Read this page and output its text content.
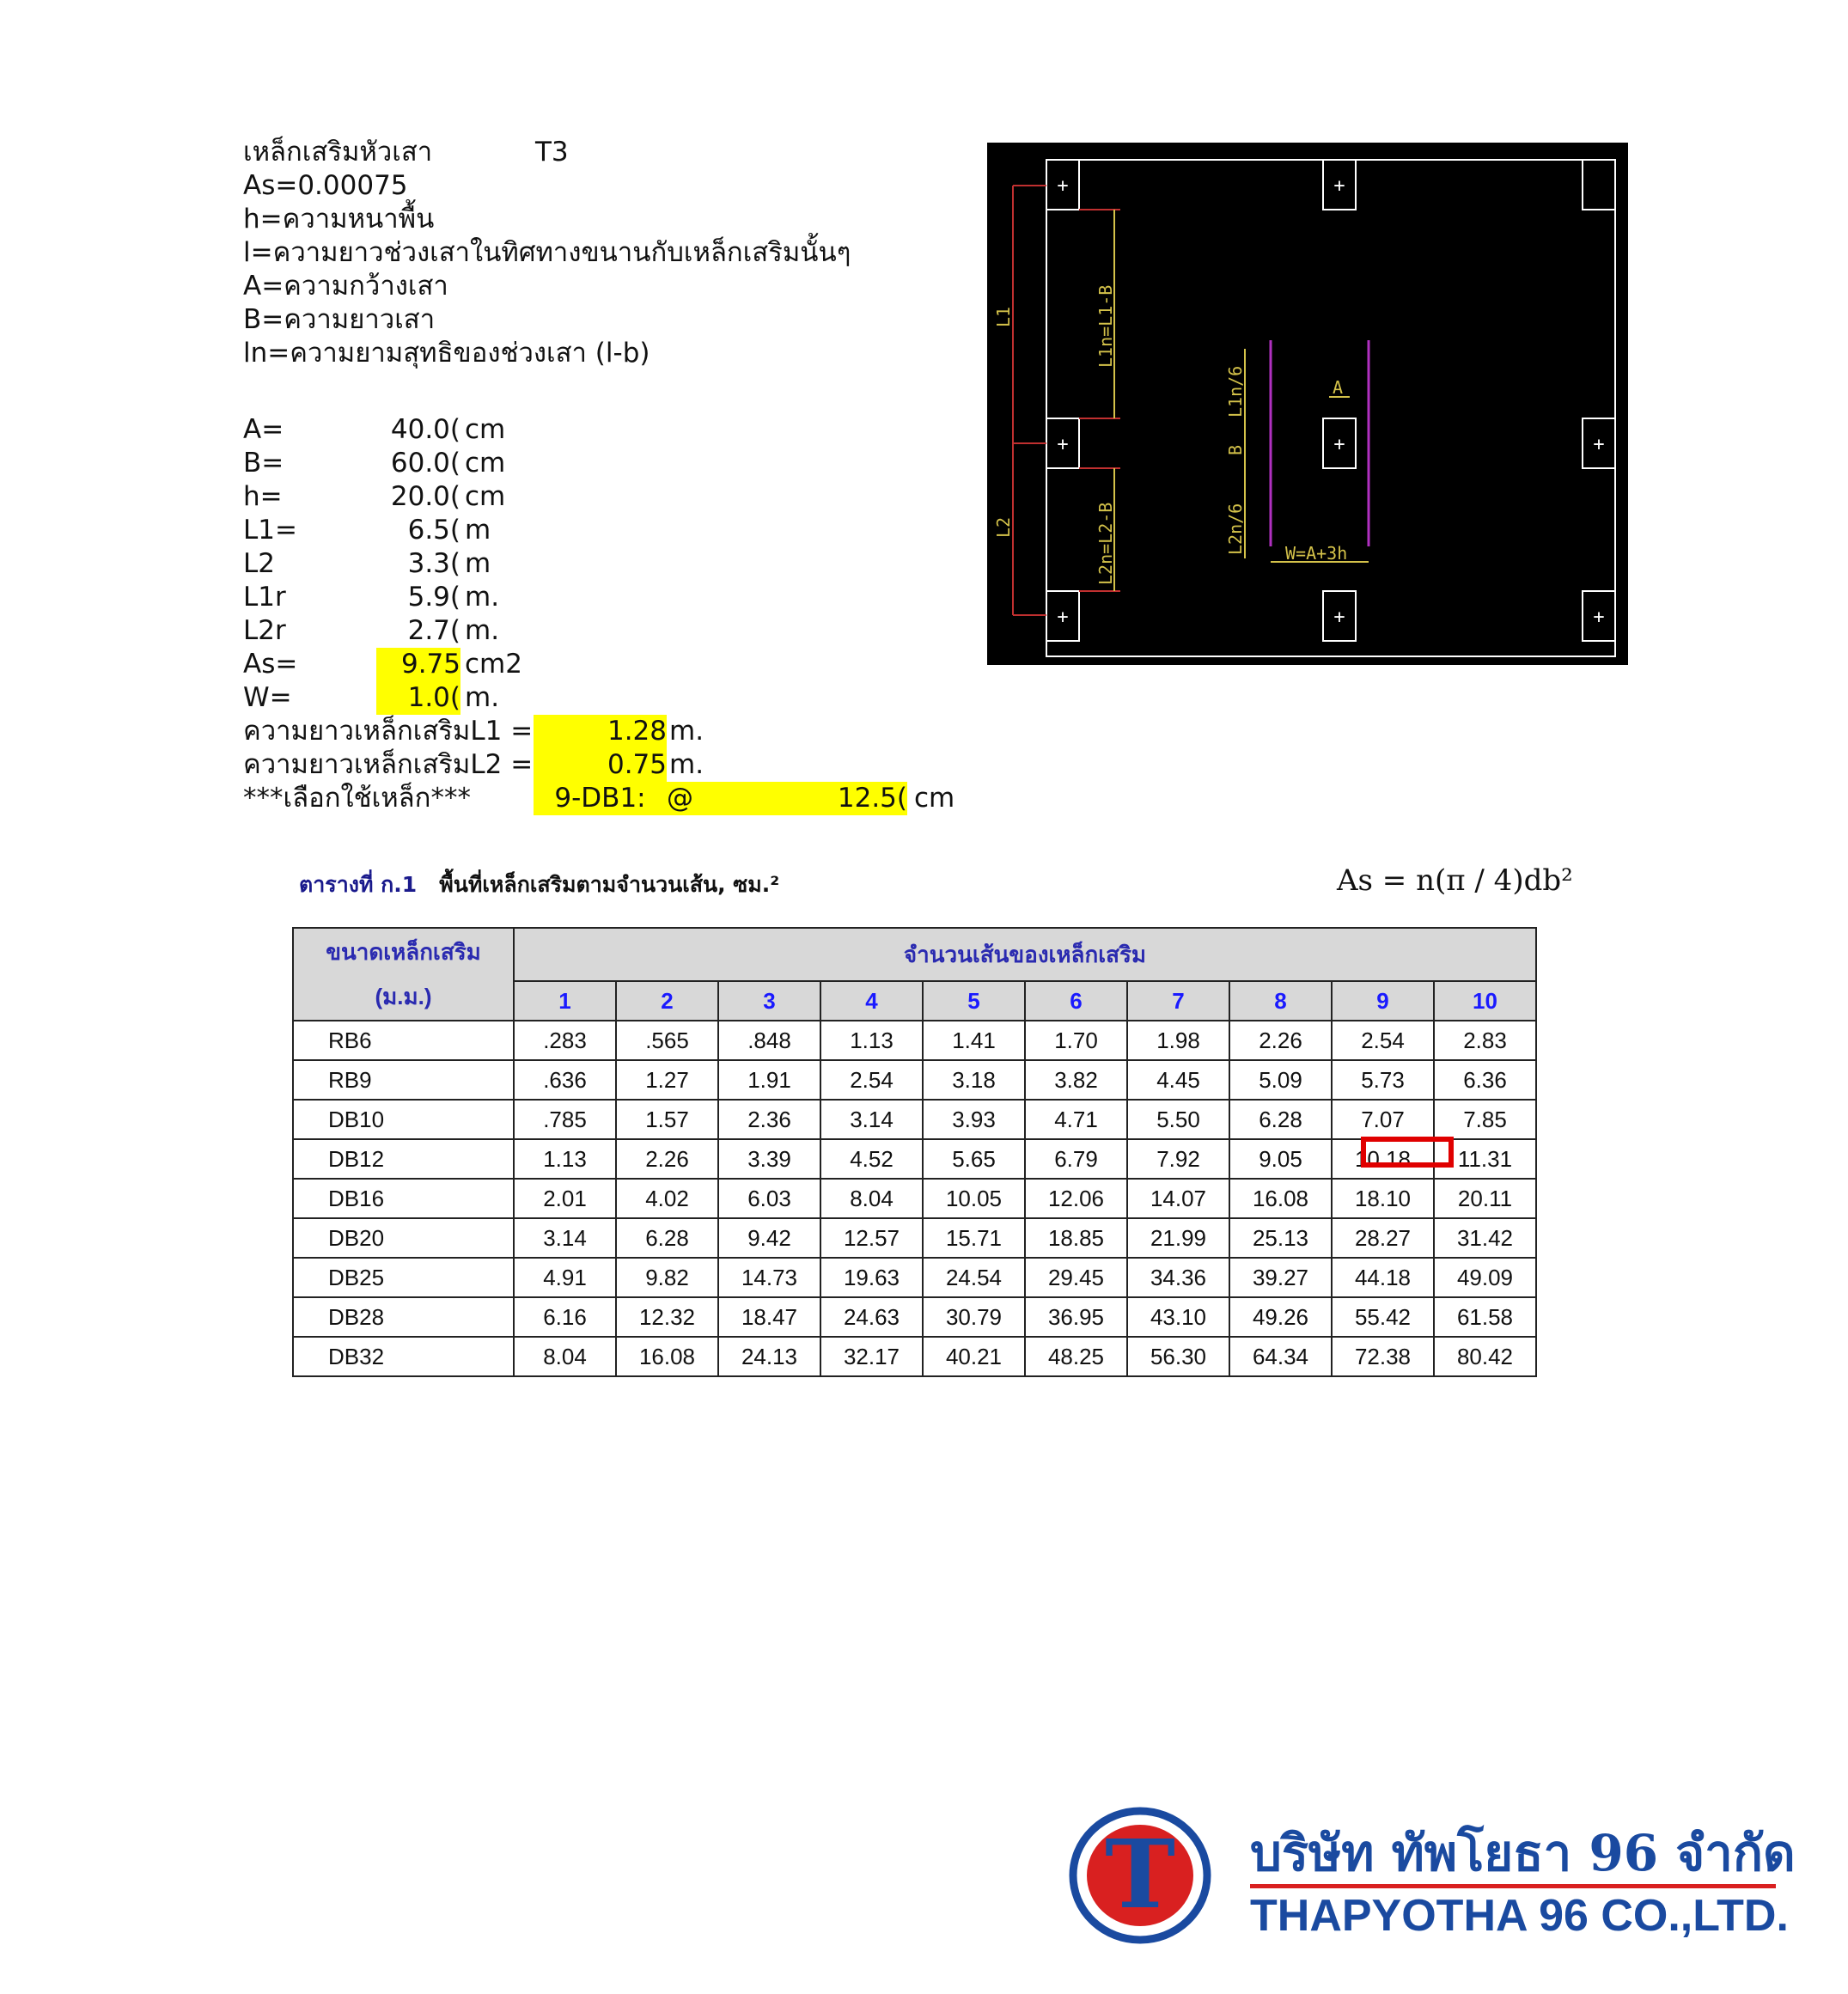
เหล็กเสริมหัวเสา	T3
As=0.00075
h=ความหนาพื้น
l=ความยาวช่วงเสาในทิศทางขนานกับเหล็กเสริมนั้นๆ
A=ความกว้างเสา
B=ความยาวเสา
ln=ความยามสุทธิของช่วงเสา (l-b)
A=	40.0( cm
B=	60.0( cm
h=	20.0( cm
L1=	6.5( m
L2	3.3( m
L1r	5.9( m.
L2r	2.7( m.
As=	9.75 cm2
W=	1.0( m.
ความยาวเหล็กเสริมL1 =	1.28 m.
ความยาวเหล็กเสริมL2 =	0.75 m.
***เลือกใช้เหล็ก***	9-DB1: @	12.5( cm
+	+
+	+	+
+	+	+
L1
L2
L1n=L1-B
L2n=L2-B
L1n/6
B
L2n/6
A
W=A+3h
ตารางที่ ก.1 พื้นที่เหล็กเสริมตามจำนวนเส้น, ซม.²	As = n(π / 4)db²
ขนาดเหล็กเสริม
(ม.ม.)	จำนวนเส้นของเหล็กเสริม									
	1	2	3	4	5	6	7	8	9	10
RB6	.283	.565	.848	1.13	1.41	1.70	1.98	2.26	2.54	2.83
RB9	.636	1.27	1.91	2.54	3.18	3.82	4.45	5.09	5.73	6.36
DB10	.785	1.57	2.36	3.14	3.93	4.71	5.50	6.28	7.07	7.85
DB12	1.13	2.26	3.39	4.52	5.65	6.79	7.92	9.05	10.18	11.31
DB16	2.01	4.02	6.03	8.04	10.05	12.06	14.07	16.08	18.10	20.11
DB20	3.14	6.28	9.42	12.57	15.71	18.85	21.99	25.13	28.27	31.42
DB25	4.91	9.82	14.73	19.63	24.54	29.45	34.36	39.27	44.18	49.09
DB28	6.16	12.32	18.47	24.63	30.79	36.95	43.10	49.26	55.42	61.58
DB32	8.04	16.08	24.13	32.17	40.21	48.25	56.30	64.34	72.38	80.42
T บริษัท ทัพโยธา 96 จำกัด
THAPYOTHA 96 CO.,LTD.
